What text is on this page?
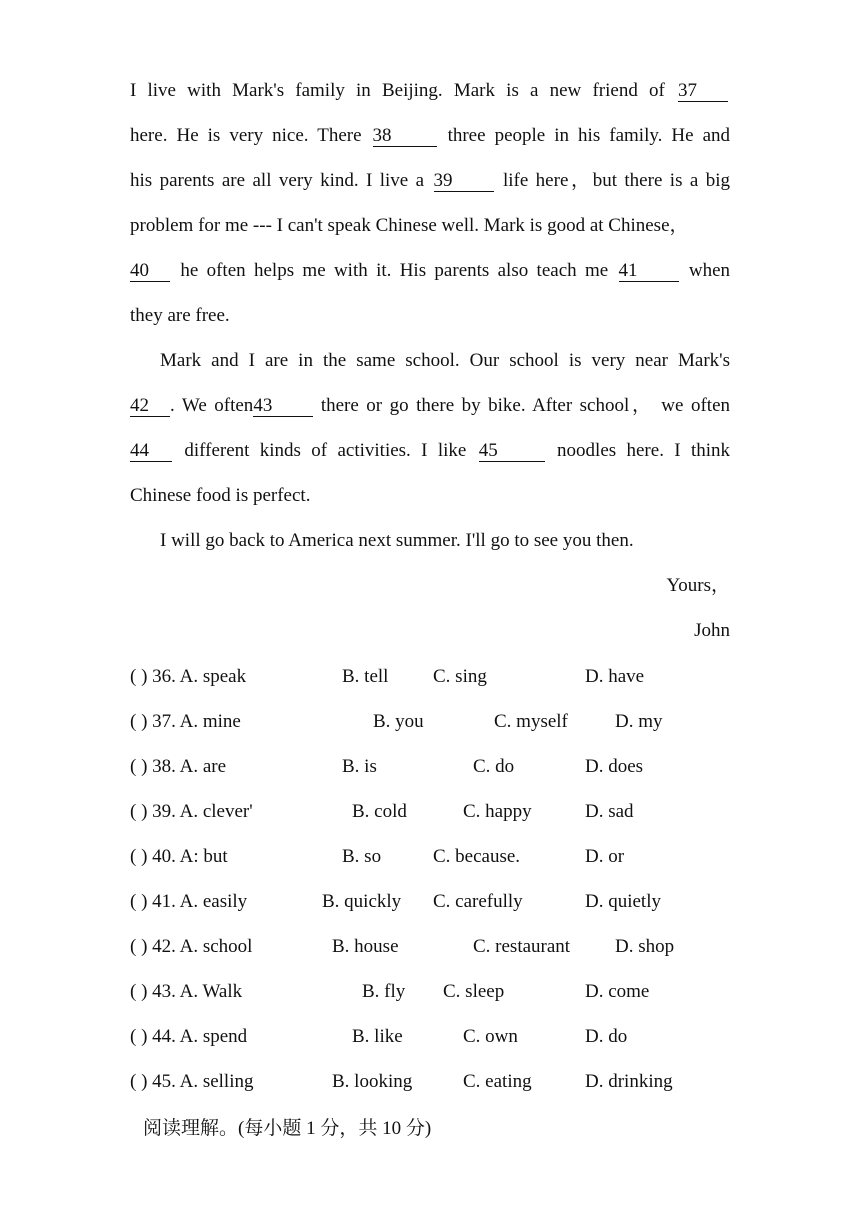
I live with Mark's family in Beijing. Mark is a new friend of 37
here. He is very nice. There 38	three people in his family. He and
his parents are all very kind. I live a 39	life here，but there is a big
problem for me --- I can't speak Chinese well. Mark is good at Chinese，
40 he often helps me with it. His parents also teach me 41	when
they are free.
Mark and I are in the same school. Our school is very near Mark's
42 . We often43	there or go there by bike. After school， we often
44 different kinds of activities. I like 45	noodles here. I think
Chinese food is perfect.
I will go back to America next summer. I'll go to see you then.
Yours，
John
( ) 36. A. speak	B. tell C. sing	D. have
( ) 37. A. mine	B. you	C. myself D. my
( ) 38. A. are	B. is	C. do	D. does
( ) 39. A. clever'	B. cold	C. happy	D. sad
( ) 40. A: but	B. so	C. because.	D. or
( ) 41. A. easily	B. quickly C. carefully	D. quietly
( ) 42. A. school	B. house	C. restaurant D. shop
( ) 43. A. Walk	B. fly C. sleep	D. come
( ) 44. A. spend	B. like	C. own	D. do
( ) 45. A. selling	B. looking	C. eating	D. drinking
阅读理解。(每小题 1 分，共 10 分)
